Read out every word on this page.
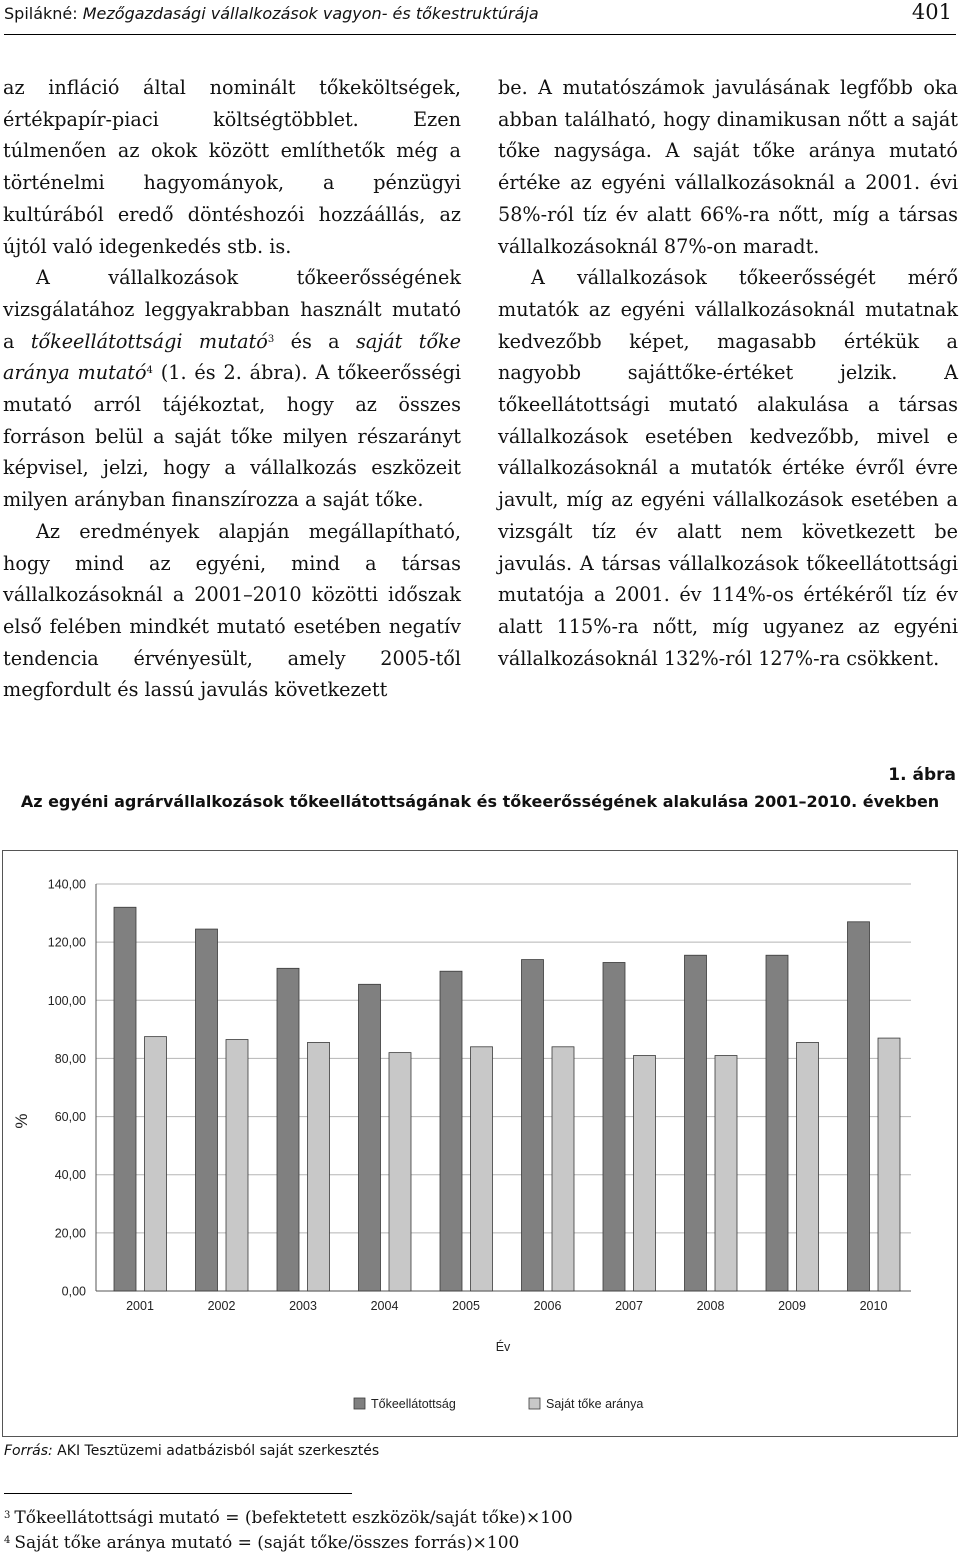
Spilákné: Mezőgazdasági vállalkozások vagyon- és tőkestruktúrája	401

az infláció által nominált tőkeköltségek, értékpapír-piaci költségtöbblet. Ezen túlmenően az okok között említhetők még a történelmi hagyományok, a pénzügyi kultúrából eredő döntéshozói hozzáállás, az újtól való idegenkedés stb. is.

A vállalkozások tőkeerősségének vizsgálatához leggyakrabban használt mutató a tőkeellátottsági mutató$^3$ és a saját tőke aránya mutató$^4$ (1. és 2. ábra). A tőkeerősségi mutató arról tájékoztat, hogy az összes forráson belül a saját tőke milyen részarányt képvisel, jelzi, hogy a vállalkozás eszközeit milyen arányban finanszírozza a saját tőke.

Az eredmények alapján megállapítható, hogy mind az egyéni, mind a társas vállalkozásoknál a 2001–2010 közötti időszak első felében mindkét mutató esetében negatív tendencia érvényesült, amely 2005-től megfordult és lassú javulás következett

be. A mutatószámok javulásának legfőbb oka abban található, hogy dinamikusan nőtt a saját tőke nagysága. A saját tőke aránya mutató értéke az egyéni vállalkozásoknál a 2001. évi 58%-ról tíz év alatt 66%-ra nőtt, míg a társas vállalkozásoknál 87%-on maradt.

A vállalkozások tőkeerősségét mérő mutatók az egyéni vállalkozásoknál mutatnak kedvezőbb képet, magasabb értékük a nagyobb sajáttőke-értéket jelzik. A tőkeellátottsági mutató alakulása a társas vállalkozások esetében kedvezőbb, mivel e vállalkozásoknál a mutatók értéke évről évre javult, míg az egyéni vállalkozások esetében a vizsgált tíz év alatt nem következett be javulás. A társas vállalkozások tőkeellátottsági mutatója a 2001. év 114%-os értékéről tíz év alatt 115%-ra nőtt, míg ugyanez az egyéni vállalkozásoknál 132%-ról 127%-ra csökkent.

1. ábra
Az egyéni agrárvállalkozások tőkeellátottságának és tőkeerősségének alakulása 2001–2010. években
0,00
20,00
40,00
60,00
80,00
100,00
120,00
140,00
2001	2002	2003	2004	2005	2006	2007	2008	2009	2010
Év
%
Tőkeellátottság	Saját tőke aránya
Forrás: AKI Tesztüzemi adatbázisból saját szerkesztés
$^3$ Tőkeellátottsági mutató = (befektetett eszközök/saját tőke)×100
$^4$ Saját tőke aránya mutató = (saját tőke/összes forrás)×100
